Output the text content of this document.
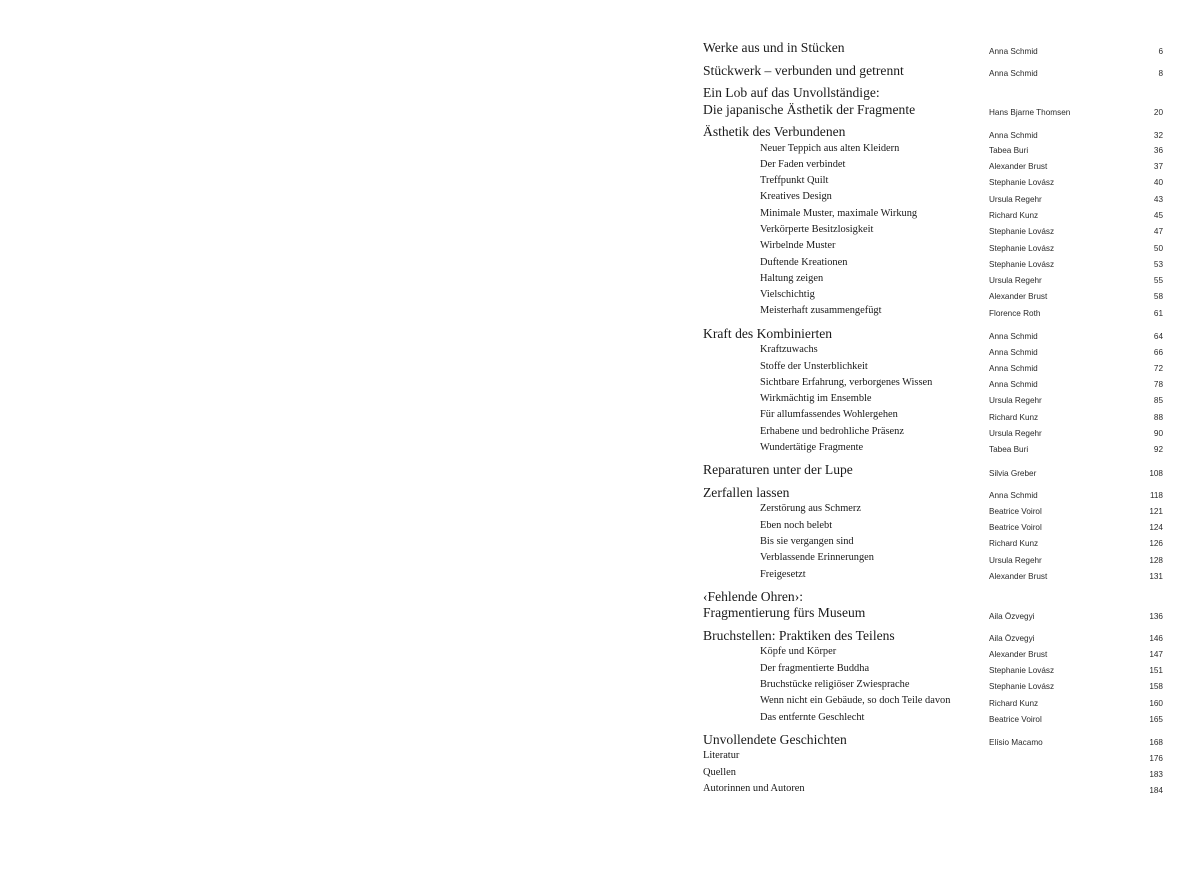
Werke aus und in Stücken	Anna Schmid	6
Stückwerk – verbunden und getrennt	Anna Schmid	8
Ein Lob auf das Unvollständige:
Die japanische Ästhetik der Fragmente	Hans Bjarne Thomsen	20
Ästhetik des Verbundenen	Anna Schmid	32
Neuer Teppich aus alten Kleidern	Tabea Buri	36
Der Faden verbindet	Alexander Brust	37
Treffpunkt Quilt	Stephanie Lovász	40
Kreatives Design	Ursula Regehr	43
Minimale Muster, maximale Wirkung	Richard Kunz	45
Verkörperte Besitzlosigkeit	Stephanie Lovász	47
Wirbelnde Muster	Stephanie Lovász	50
Duftende Kreationen	Stephanie Lovász	53
Haltung zeigen	Ursula Regehr	55
Vielschichtig	Alexander Brust	58
Meisterhaft zusammengefügt	Florence Roth	61
Kraft des Kombinierten	Anna Schmid	64
Kraftzuwachs	Anna Schmid	66
Stoffe der Unsterblichkeit	Anna Schmid	72
Sichtbare Erfahrung, verborgenes Wissen	Anna Schmid	78
Wirkmächtig im Ensemble	Ursula Regehr	85
Für allumfassendes Wohlergehen	Richard Kunz	88
Erhabene und bedrohliche Präsenz	Ursula Regehr	90
Wundertätige Fragmente	Tabea Buri	92
Reparaturen unter der Lupe	Silvia Greber	108
Zerfallen lassen	Anna Schmid	118
Zerstörung aus Schmerz	Beatrice Voirol	121
Eben noch belebt	Beatrice Voirol	124
Bis sie vergangen sind	Richard Kunz	126
Verblassende Erinnerungen	Ursula Regehr	128
Freigesetzt	Alexander Brust	131
‹Fehlende Ohren›:
Fragmentierung fürs Museum	Aila Özvegyi	136
Bruchstellen: Praktiken des Teilens	Aila Özvegyi	146
Köpfe und Körper	Alexander Brust	147
Der fragmentierte Buddha	Stephanie Lovász	151
Bruchstücke religiöser Zwiesprache	Stephanie Lovász	158
Wenn nicht ein Gebäude, so doch Teile davon	Richard Kunz	160
Das entfernte Geschlecht	Beatrice Voirol	165
Unvollendete Geschichten	Elísio Macamo	168
Literatur	176
Quellen	183
Autorinnen und Autoren	184
